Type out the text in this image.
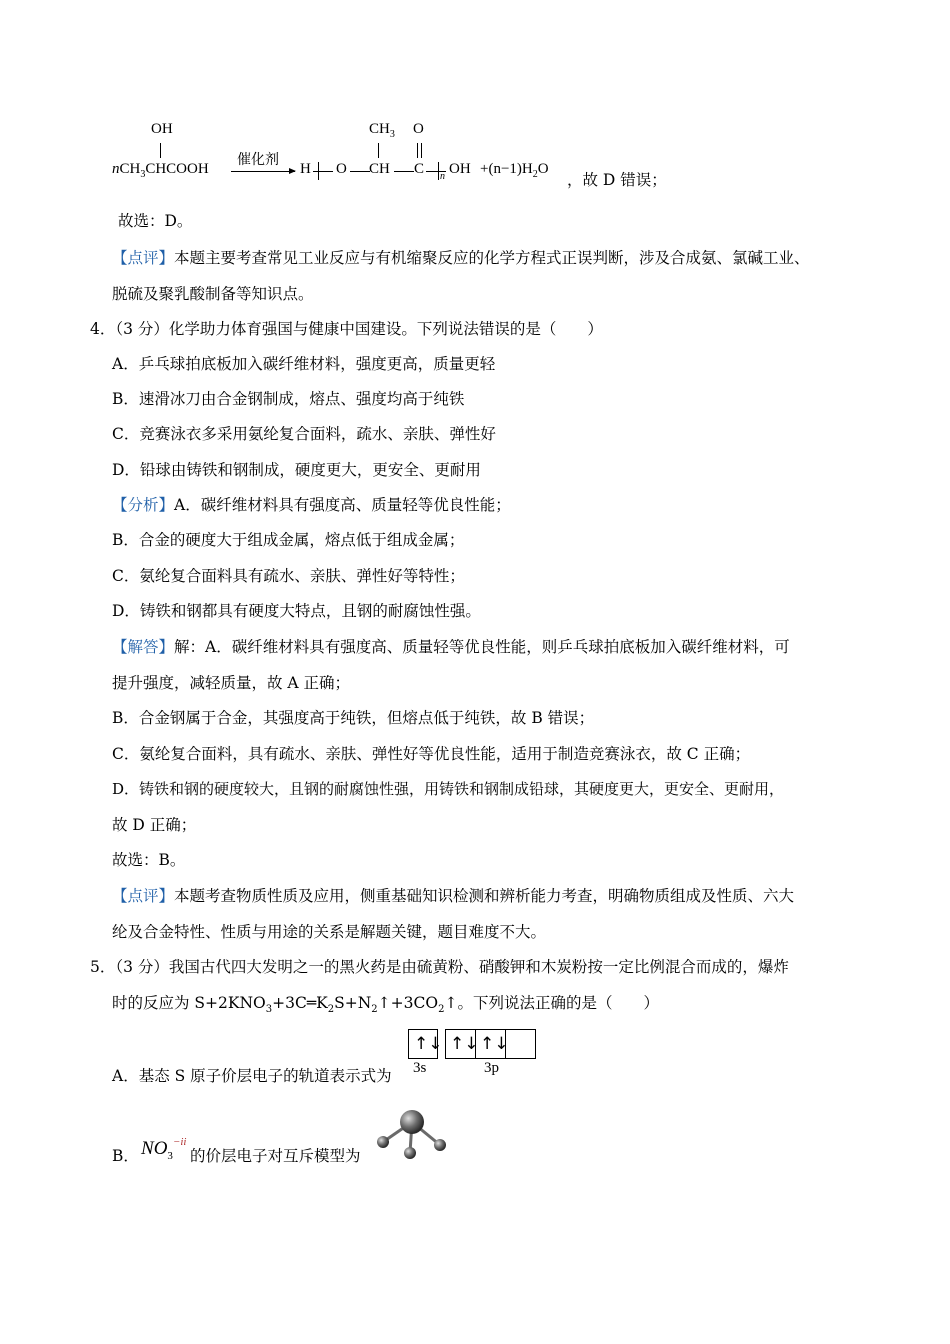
OH
nCH$_3$CHCOOH
催化剂
H O
$CH_3$
CH
O
C n OH $+(n-1)H_2O$
，故 D 错误；
故选：D。
【点评】本题主要考查常见工业反应与有机缩聚反应的化学方程式正误判断，涉及合成氨、氯碱工业、
脱硫及聚乳酸制备等知识点。
4．（3 分）化学助力体育强国与健康中国建设。下列说法错误的是（　　）
A．乒乓球拍底板加入碳纤维材料，强度更高，质量更轻
B．速滑冰刀由合金钢制成，熔点、强度均高于纯铁
C．竞赛泳衣多采用氨纶复合面料，疏水、亲肤、弹性好
D．铅球由铸铁和钢制成，硬度更大，更安全、更耐用
【分析】A．碳纤维材料具有强度高、质量轻等优良性能；
B．合金的硬度大于组成金属，熔点低于组成金属；
C．氨纶复合面料具有疏水、亲肤、弹性好等特性；
D．铸铁和钢都具有硬度大特点，且钢的耐腐蚀性强。
【解答】解：A．碳纤维材料具有强度高、质量轻等优良性能，则乒乓球拍底板加入碳纤维材料，可
提升强度，减轻质量，故 A 正确；
B．合金钢属于合金，其强度高于纯铁，但熔点低于纯铁，故 B 错误；
C．氨纶复合面料，具有疏水、亲肤、弹性好等优良性能，适用于制造竞赛泳衣，故 C 正确；
D．铸铁和钢的硬度较大，且钢的耐腐蚀性强，用铸铁和钢制成铅球，其硬度更大，更安全、更耐用，
故 D 正确；
故选：B。
【点评】本题考查物质性质及应用，侧重基础知识检测和辨析能力考查，明确物质组成及性质、六大
纶及合金特性、性质与用途的关系是解题关键，题目难度不大。
5．（3 分）我国古代四大发明之一的黑火药是由硫黄粉、硝酸钾和木炭粉按一定比例混合而成的，爆炸
时的反应为 $S+2KNO_3+3C═K_2S+N_2↑+3CO_2↑$。下列说法正确的是（　　）
↑↓ ↑↓ ↑↓
A．基态 S 原子价层电子的轨道表示式为 3s	3p
B． $NO_3^{-ii}$
的价层电子对互斥模型为
